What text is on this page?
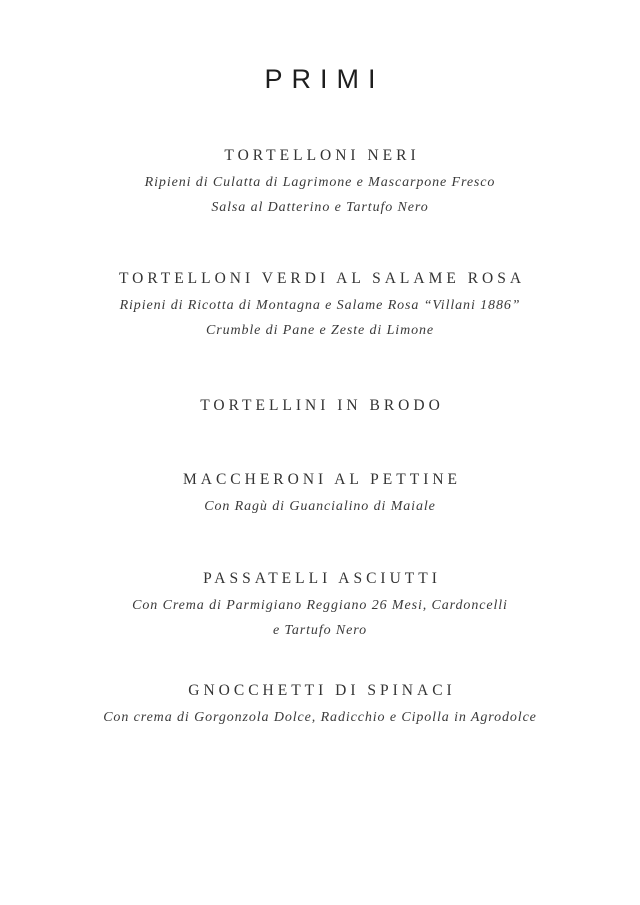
PRIMI
TORTELLONI NERI
Ripieni di Culatta di Lagrimone e Mascarpone Fresco
Salsa al Datterino e Tartufo Nero
TORTELLONI VERDI AL SALAME ROSA
Ripieni di Ricotta di Montagna e Salame Rosa “Villani 1886”
Crumble di Pane e Zeste di Limone
TORTELLINI IN BRODO
MACCHERONI AL PETTINE
Con Ragù di Guancialino di Maiale
PASSATELLI ASCIUTTI
Con Crema di Parmigiano Reggiano 26 Mesi, Cardoncelli
e Tartufo Nero
GNOCCHETTI DI SPINACI
Con crema di Gorgonzola Dolce, Radicchio e Cipolla in Agrodolce
